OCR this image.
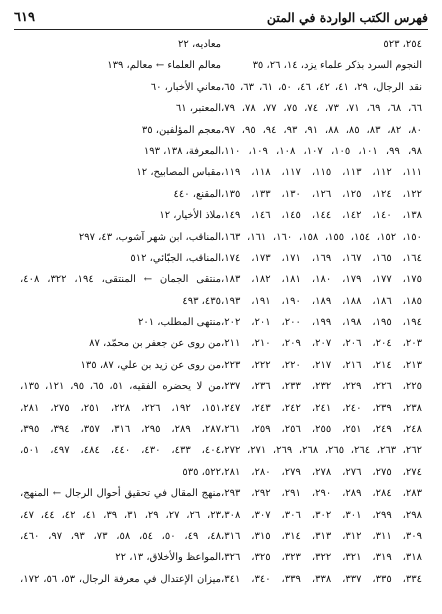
٦١٩	فهرس الكتب الواردة في المتن
معاديه، ٢٢
معالم العلماء ← معالم، ١٣٩
معاني الأخبار، ٦٠
المعتبر، ٦١
معجم المؤلفين، ٣٥
المعرفة، ١٣٨، ١٩٣
مقباس المصابيح، ١٢
المقنع، ٤٤٠
ملاذ الأخيار، ١٢
المناقب، ابن شهر آشوب، ٤٣، ٢٩٧
المناقب، الجبّائي، ٥١٢
منتقى الجمان ← المنتقى، ١٩٤، ٣٢٢، ٤٠٨،
٤٣٥، ٤٩٣
منتهى المطلب، ٢٠١
من روى عن جعفر بن محمّد، ٨٧
من روى عن زيد بن علي، ٨٧، ١٣٥
من لا يحضره الفقيه، ٥١، ٦٥، ٩٥، ١٢١، ١٣٥،
١٥١، ١٩٢، ٢٢٦، ٢٢٨، ٢٥١، ٢٧٥، ٢٨١،
٢٨٧، ٢٨٩، ٢٩٥، ٣١٦، ٣٥٧، ٣٩٤، ٣٩٥،
٤٠٤، ٤٣٣، ٤٣٠، ٤٤٠، ٤٨٤، ٤٩٧، ٥٠١،
٥٢٢، ٥٣٥
منهج المقال في تحقيق أحوال الرجال ← المنهج،
٢٣، ٢٦، ٢٧، ٢٩، ٣١، ٣٩، ٤١، ٤٢، ٤٤، ٤٧،
٤٨، ٤٩، ٥٠، ٥٤، ٥٨، ٧٣، ٩٣، ٩٧، ٤٦٠،
المواعظ والأخلاق، ١٣، ٢٢
ميزان الإعتدال في معرفة الرجال، ٥٣، ٥٦، ١٧٢،
٢٥٤، ٥٢٣
النجوم السرد بذكر علماء يزد، ١٤، ٢٦، ٣٥
نقد الرجال، ٢٩، ٤١، ٤٢، ٤٦، ٥٠، ٦١، ٦٣، ٦٥،
٦٦، ٦٨، ٦٩، ٧١، ٧٣، ٧٤، ٧٥، ٧٧، ٧٨، ٧٩،
٨٠، ٨٢، ٨٣، ٨٥، ٨٨، ٩١، ٩٣، ٩٤، ٩٥، ٩٧،
٩٨، ٩٩، ١٠١، ١٠٥، ١٠٧، ١٠٨، ١٠٩، ١١٠،
١١١، ١١٢، ١١٣، ١١٥، ١١٧، ١١٨، ١١٩،
١٢٢، ١٢٤، ١٢٥، ١٢٦، ١٣٠، ١٣٣، ١٣٥،
١٣٨، ١٤٠، ١٤٢، ١٤٤، ١٤٥، ١٤٦، ١٤٩،
١٥٠، ١٥٢، ١٥٤، ١٥٥، ١٥٨، ١٦٠، ١٦١، ١٦٣،
١٦٤، ١٦٥، ١٦٧، ١٦٩، ١٧١، ١٧٣، ١٧٤،
١٧٥، ١٧٧، ١٧٩، ١٨٠، ١٨١، ١٨٢، ١٨٣،
١٨٥، ١٨٦، ١٨٨، ١٨٩، ١٩٠، ١٩١، ١٩٣،
١٩٤، ١٩٥، ١٩٨، ١٩٩، ٢٠٠، ٢٠١، ٢٠٢،
٢٠٣، ٢٠٤، ٢٠٦، ٢٠٧، ٢٠٩، ٢١٠، ٢١١،
٢١٣، ٢١٤، ٢١٦، ٢١٧، ٢٢٠، ٢٢٢، ٢٢٣،
٢٢٥، ٢٢٦، ٢٢٩، ٢٣٢، ٢٣٣، ٢٣٦، ٢٣٧،
٢٣٨، ٢٣٩، ٢٤٠، ٢٤١، ٢٤٢، ٢٤٣، ٢٤٧،
٢٤٨، ٢٤٩، ٢٥١، ٢٥٥، ٢٥٦، ٢٥٩، ٢٦١،
٢٦٢، ٢٦٣، ٢٦٤، ٢٦٥، ٢٦٨، ٢٦٩، ٢٧١، ٢٧٢،
٢٧٤، ٢٧٥، ٢٧٦، ٢٧٨، ٢٧٩، ٢٨٠، ٢٨١،
٢٨٣، ٢٨٤، ٢٨٩، ٢٩٠، ٢٩١، ٢٩٢، ٢٩٣،
٢٩٨، ٢٩٩، ٣٠١، ٣٠٢، ٣٠٦، ٣٠٧، ٣٠٨،
٣٠٩، ٣١١، ٣١٢، ٣١٣، ٣١٤، ٣١٥، ٣١٦،
٣١٨، ٣١٩، ٣٢١، ٣٢٢، ٣٢٣، ٣٢٥، ٣٢٦،
٣٣٤، ٣٣٥، ٣٣٧، ٣٣٨، ٣٣٩، ٣٤٠، ٣٤١،
